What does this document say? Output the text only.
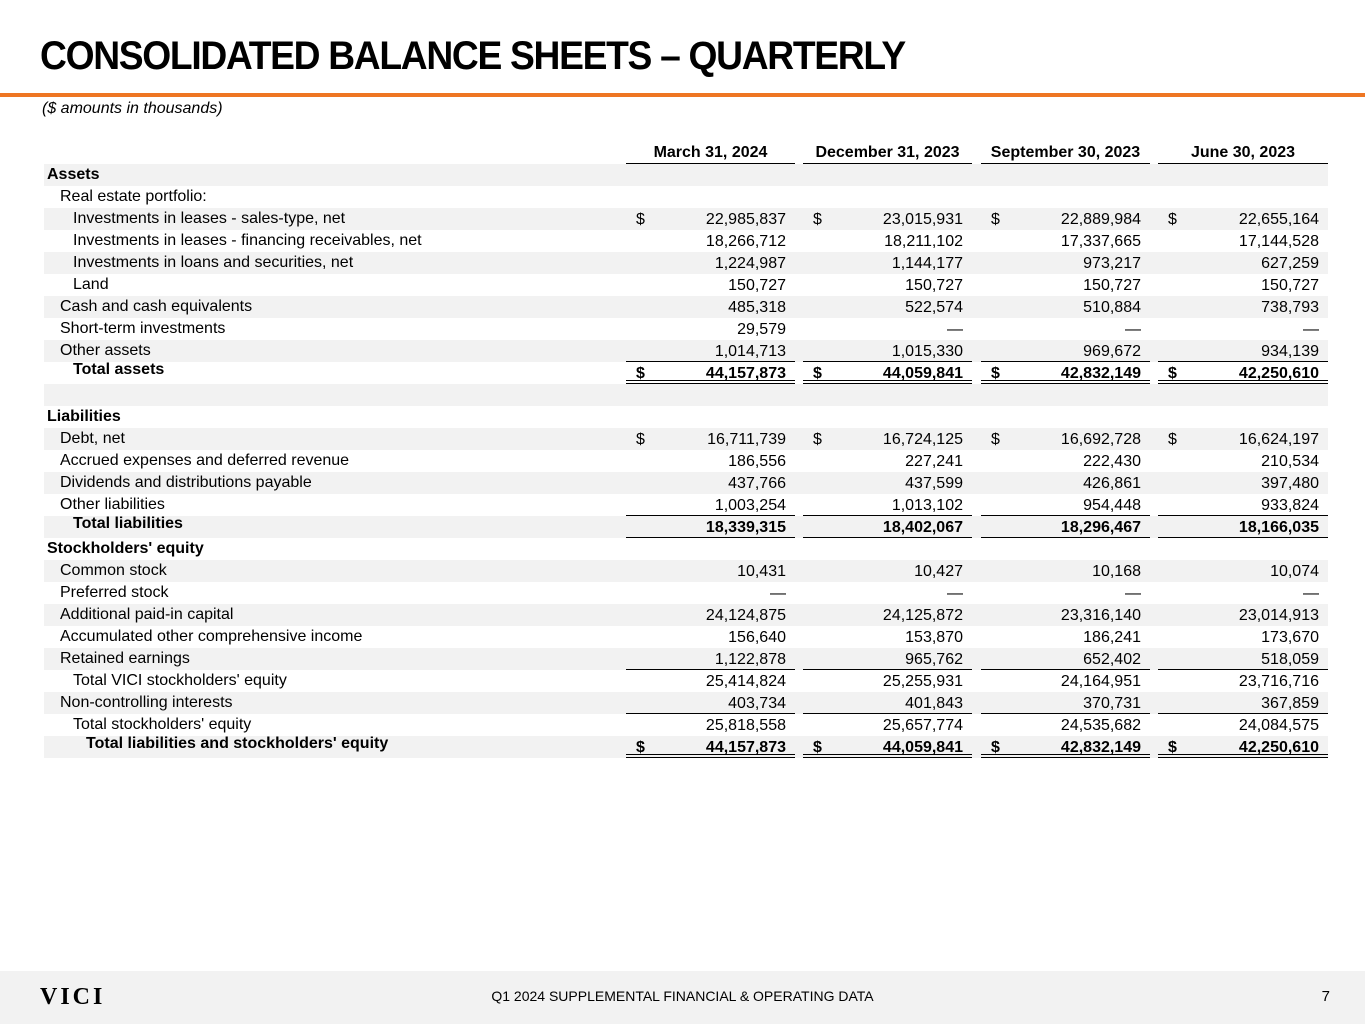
CONSOLIDATED BALANCE SHEETS – QUARTERLY
($ amounts in thousands)
March 31, 2024	December 31, 2023	September 30, 2023	June 30, 2023
Assets
Real estate portfolio:
Investments in leases - sales-type, net	$	22,985,837	$	23,015,931	$	22,889,984	$	22,655,164
Investments in leases - financing receivables, net	18,266,712	18,211,102	17,337,665	17,144,528
Investments in loans and securities, net	1,224,987	1,144,177	973,217	627,259
Land	150,727	150,727	150,727	150,727
Cash and cash equivalents	485,318	522,574	510,884	738,793
Short-term investments	29,579	—	—	—
Other assets	1,014,713	1,015,330	969,672	934,139
Total assets	$	44,157,873	$	44,059,841	$	42,832,149	$	42,250,610
Liabilities
Debt, net	$	16,711,739	$	16,724,125	$	16,692,728	$	16,624,197
Accrued expenses and deferred revenue	186,556	227,241	222,430	210,534
Dividends and distributions payable	437,766	437,599	426,861	397,480
Other liabilities	1,003,254	1,013,102	954,448	933,824
Total liabilities	18,339,315	18,402,067	18,296,467	18,166,035
Stockholders' equity
Common stock	10,431	10,427	10,168	10,074
Preferred stock	—	—	—	—
Additional paid-in capital	24,124,875	24,125,872	23,316,140	23,014,913
Accumulated other comprehensive income	156,640	153,870	186,241	173,670
Retained earnings	1,122,878	965,762	652,402	518,059
Total VICI stockholders' equity	25,414,824	25,255,931	24,164,951	23,716,716
Non-controlling interests	403,734	401,843	370,731	367,859
Total stockholders' equity	25,818,558	25,657,774	24,535,682	24,084,575
Total liabilities and stockholders' equity	$	44,157,873	$	44,059,841	$	42,832,149	$	42,250,610
VICI	Q1 2024 SUPPLEMENTAL FINANCIAL & OPERATING DATA	7
